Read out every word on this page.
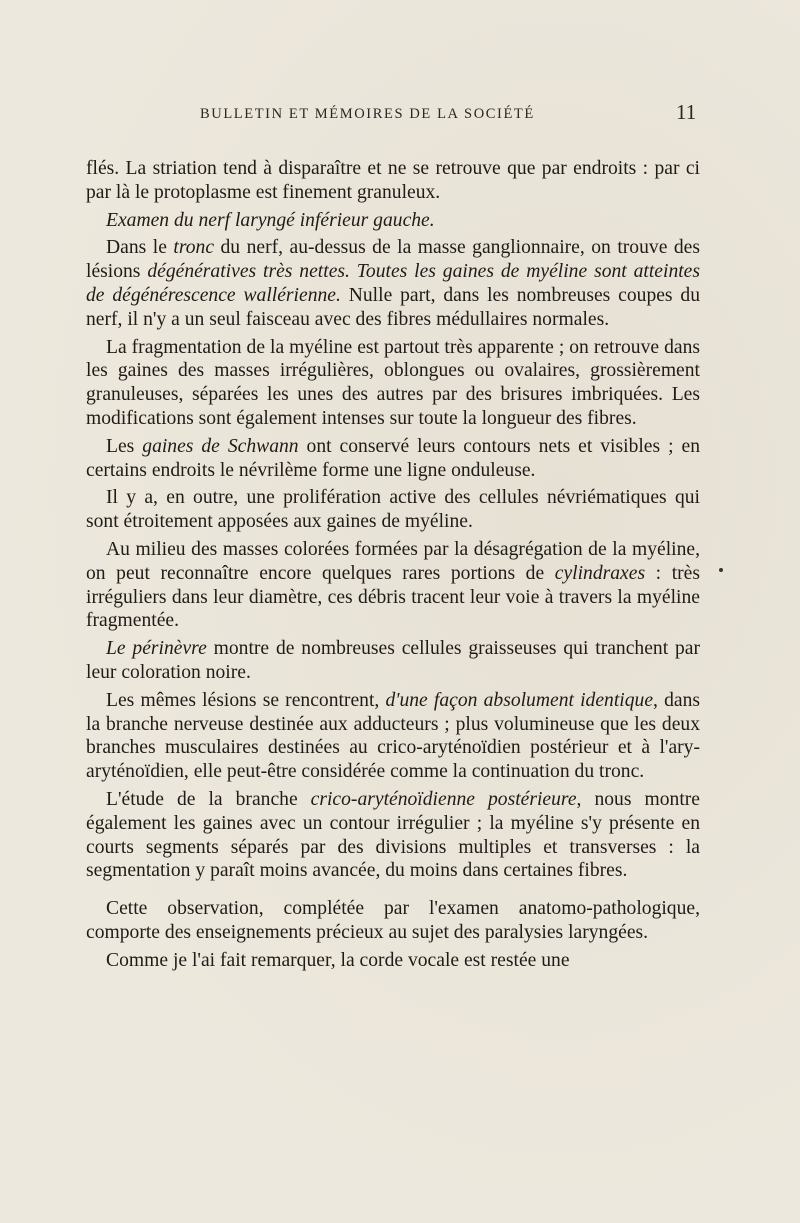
BULLETIN ET MÉMOIRES DE LA SOCIÉTÉ	11

flés. La striation tend à disparaître et ne se retrouve que par endroits : par ci par là le protoplasme est finement granuleux.

Examen du nerf laryngé inférieur gauche.

Dans le tronc du nerf, au-dessus de la masse ganglionnaire, on trouve des lésions dégénératives très nettes. Toutes les gaines de myéline sont atteintes de dégénérescence wallérienne. Nulle part, dans les nombreuses coupes du nerf, il n'y a un seul faisceau avec des fibres médullaires normales.

La fragmentation de la myéline est partout très apparente ; on retrouve dans les gaines des masses irrégulières, oblongues ou ovalaires, grossièrement granuleuses, séparées les unes des autres par des brisures imbriquées. Les modifications sont également intenses sur toute la longueur des fibres.

Les gaines de Schwann ont conservé leurs contours nets et visibles ; en certains endroits le névrilème forme une ligne onduleuse.

Il y a, en outre, une prolifération active des cellules névriématiques qui sont étroitement apposées aux gaines de myéline.

Au milieu des masses colorées formées par la désagrégation de la myéline, on peut reconnaître encore quelques rares portions de cylindraxes : très irréguliers dans leur diamètre, ces débris tracent leur voie à travers la myéline fragmentée.

Le périnèvre montre de nombreuses cellules graisseuses qui tranchent par leur coloration noire.

Les mêmes lésions se rencontrent, d'une façon absolument identique, dans la branche nerveuse destinée aux adducteurs ; plus volumineuse que les deux branches musculaires destinées au crico-aryténoïdien postérieur et à l'ary-aryténoïdien, elle peut-être considérée comme la continuation du tronc.

L'étude de la branche crico-aryténoïdienne postérieure, nous montre également les gaines avec un contour irrégulier ; la myéline s'y présente en courts segments séparés par des divisions multiples et transverses : la segmentation y paraît moins avancée, du moins dans certaines fibres.

Cette observation, complétée par l'examen anatomo-pathologique, comporte des enseignements précieux au sujet des paralysies laryngées.

Comme je l'ai fait remarquer, la corde vocale est restée une
